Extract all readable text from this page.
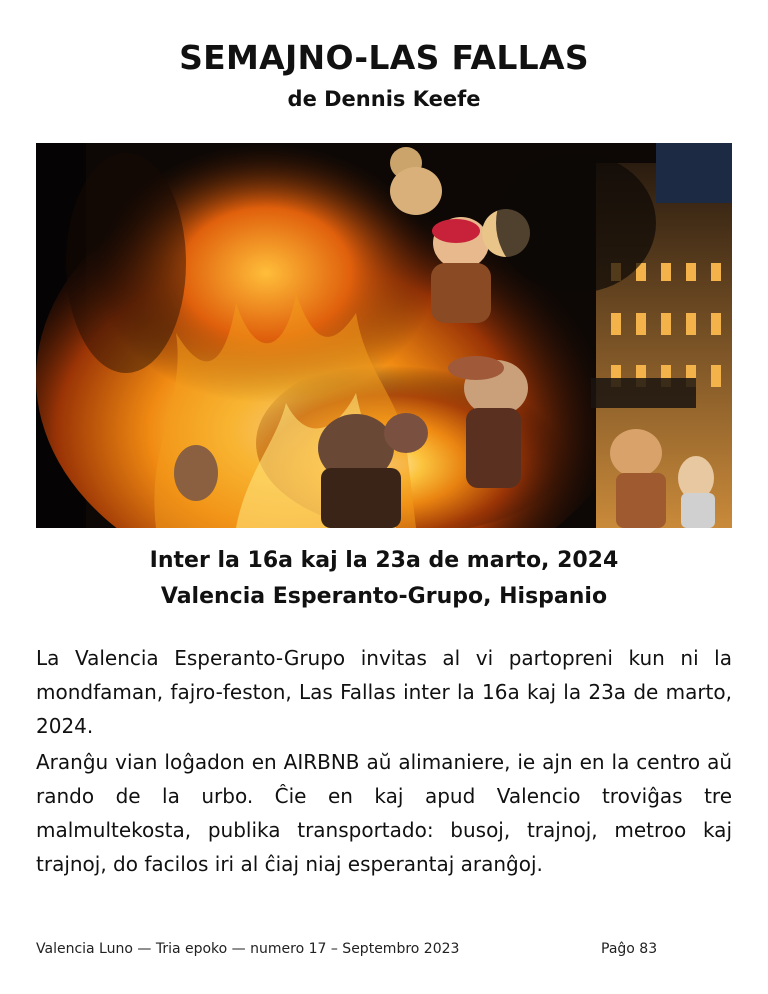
SEMAJNO-LAS FALLAS
de Dennis Keefe
Inter la 16a kaj la 23a de marto, 2024
Valencia Esperanto-Grupo, Hispanio

La Valencia Esperanto-Grupo invitas al vi partopreni kun ni la mondfaman, fajro-feston, Las Fallas inter la 16a kaj la 23a de marto, 2024.

Aranĝu vian loĝadon en AIRBNB aŭ alimaniere, ie ajn en la centro aŭ rando de la urbo. Ĉie en kaj apud Valencio troviĝas tre malmultekosta, publika transportado: busoj, trajnoj, metroo kaj trajnoj, do facilos iri al ĉiaj niaj esperantaj aranĝoj.

Valencia Luno — Tria epoko — numero 17 – Septembro 2023	Paĝo 83
